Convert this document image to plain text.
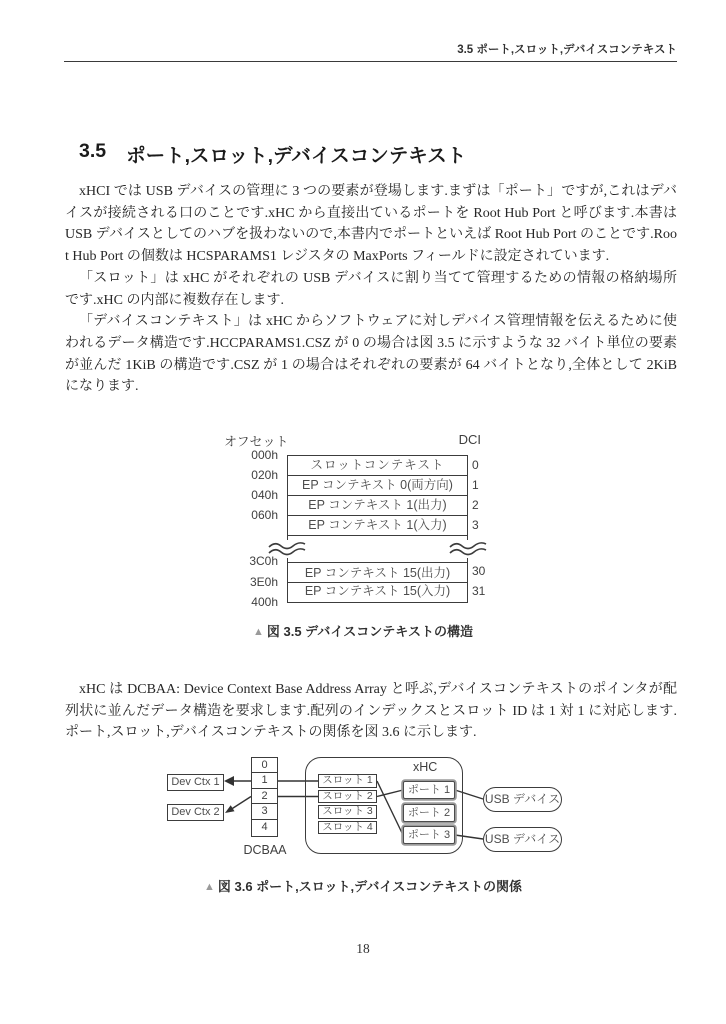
3.5 ポート,スロット,デバイスコンテキスト
3.5 ポート,スロット,デバイスコンテキスト

xHCI では USB デバイスの管理に 3 つの要素が登場します.まずは「ポート」ですが,これはデバイスが接続される口のことです.xHC から直接出ているポートを Root Hub Port と呼びます.本書は USB デバイスとしてのハブを扱わないので,本書内でポートといえば Root Hub Port のことです.Root Hub Port の個数は HCSPARAMS1 レジスタの MaxPorts フィールドに設定されています.

「スロット」は xHC がそれぞれの USB デバイスに割り当てて管理するための情報の格納場所です.xHC の内部に複数存在します.

「デバイスコンテキスト」は xHC からソフトウェアに対しデバイス管理情報を伝えるために使われるデータ構造です.HCCPARAMS1.CSZ が 0 の場合は図 3.5 に示すような 32 バイト単位の要素が並んだ 1KiB の構造です.CSZ が 1 の場合はそれぞれの要素が 64 バイトとなり,全体として 2KiB になります.

xHC は DCBAA: Device Context Base Address Array と呼ぶ,デバイスコンテキストのポインタが配列状に並んだデータ構造を要求します.配列のインデックスとスロット ID は 1 対 1 に対応します.ポート,スロット,デバイスコンテキストの関係を図 3.6 に示します.

オフセット	DCI
スロットコンテキスト
EP コンテキスト 0(両方向)
EP コンテキスト 1(出力)
EP コンテキスト 1(入力)
EP コンテキスト 15(出力)
EP コンテキスト 15(入力)
000h
020h
040h
060h
3C0h
3E0h
400h
0
1
2
3
30
31
▲ 図 3.5 デバイスコンテキストの構造
Dev Ctx 1
Dev Ctx 2
0
1
2
3
4
DCBAA
xHC
スロット 1
スロット 2
スロット 3
スロット 4
ポート 1
ポート 2
ポート 3
USB デバイス
USB デバイス
▲ 図 3.6 ポート,スロット,デバイスコンテキストの関係
18
